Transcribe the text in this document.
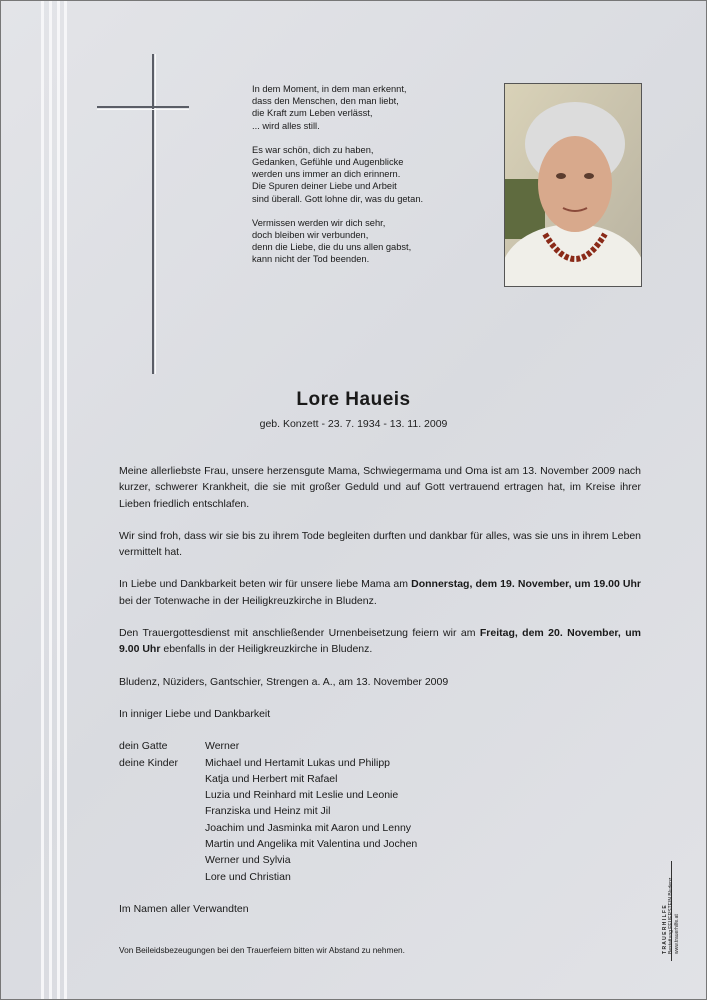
In dem Moment, in dem man erkennt,
dass den Menschen, den man liebt,
die Kraft zum Leben verlässt,
... wird alles still.
Es war schön, dich zu haben,
Gedanken, Gefühle und Augenblicke
werden uns immer an dich erinnern.
Die Spuren deiner Liebe und Arbeit
sind überall. Gott lohne dir, was du getan.
Vermissen werden wir dich sehr,
doch bleiben wir verbunden,
denn die Liebe, die du uns allen gabst,
kann nicht der Tod beenden.
Lore Haueis
geb. Konzett - 23. 7. 1934 - 13. 11. 2009

Meine allerliebste Frau, unsere herzensgute Mama, Schwiegermama und Oma ist am 13. November 2009 nach kurzer, schwerer Krankheit, die sie mit großer Geduld und auf Gott vertrauend ertragen hat, im Kreise ihrer Lieben friedlich entschlafen.

Wir sind froh, dass wir sie bis zu ihrem Tode begleiten durften und dankbar für alles, was sie uns in ihrem Leben vermittelt hat.

In Liebe und Dankbarkeit beten wir für unsere liebe Mama am Donnerstag, dem 19. November, um 19.00 Uhr bei der Totenwache in der Heiligkreuzkirche in Bludenz.

Den Trauergottesdienst mit anschließender Urnenbeisetzung feiern wir am Freitag, dem 20. November, um 9.00 Uhr ebenfalls in der Heiligkreuzkirche in Bludenz.

Bludenz, Nüziders, Gantschier, Strengen a. A., am 13. November 2009

In inniger Liebe und Dankbarkeit

dein Gatte	Werner
deine Kinder	Michael und Hertamit Lukas und Philipp
Katja und Herbert mit Rafael
Luzia und Reinhard mit Leslie und Leonie
Franziska und Heinz mit Jil
Joachim und Jasminka mit Aaron und Lenny
Martin und Angelika mit Valentina und Jochen
Werner und Sylvia
Lore und Christian

Im Namen aller Verwandten

Von Beileidsbezeugungen bei den Trauerfeiern bitten wir Abstand zu nehmen.	T R A U E R H I L F E Bestattung FEUERSTEIN Bludenz www.trauerhilfe.at
